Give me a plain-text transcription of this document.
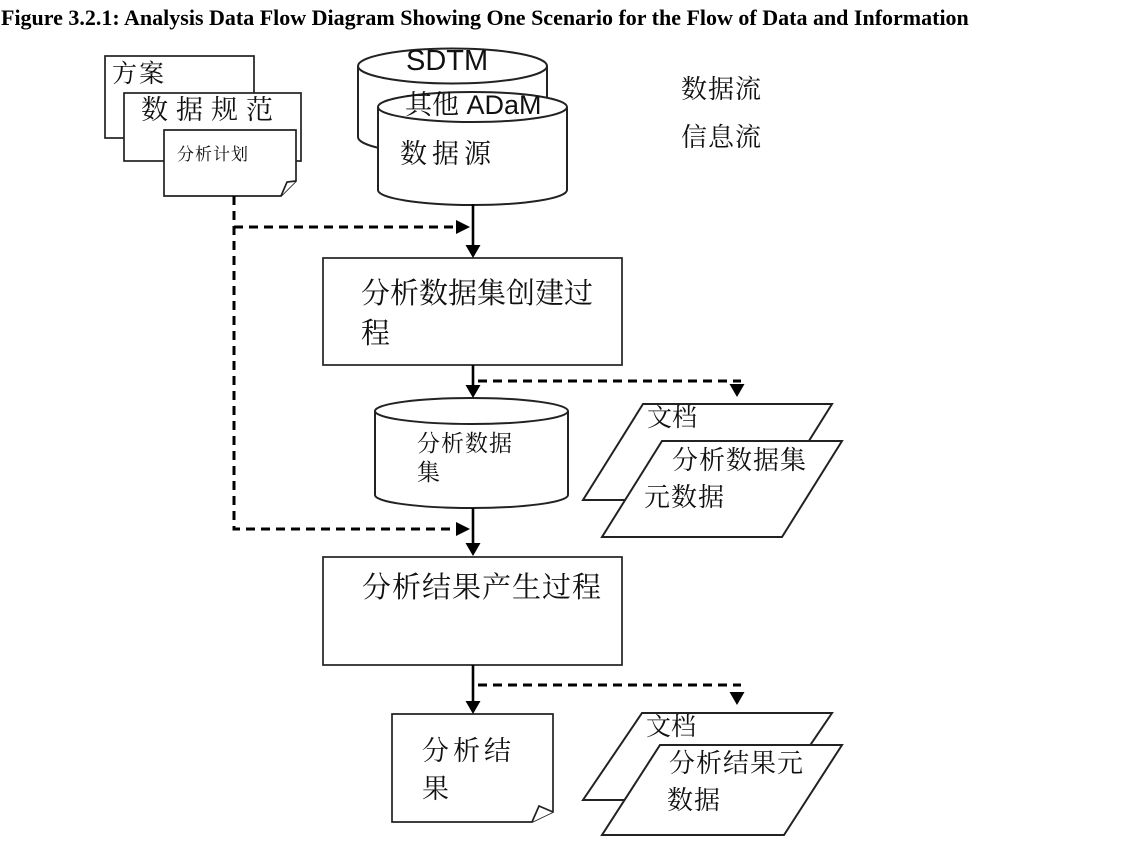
Figure 3.2.1: Analysis Data Flow Diagram Showing One Scenario for the Flow of Data and Information
方案
数据规范
分析计划
SDTM
其他 ADaM
数据源
数据流
信息流
分析数据集创建过
程
分析数据
集
文档
分析数据集
元数据
分析结果产生过程
分析结
果
文档
分析结果元
数据
